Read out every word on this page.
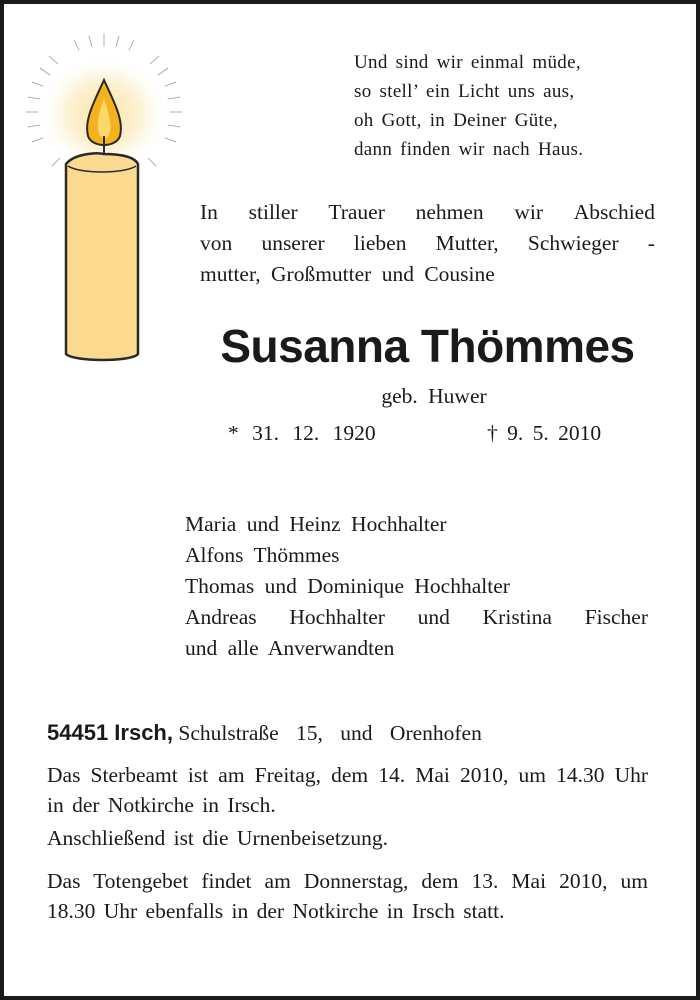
Und sind wir einmal müde,
so stell’ ein Licht uns aus,
oh Gott, in Deiner Güte,
dann finden wir nach Haus.
In stiller Trauer nehmen wir Abschied
von unserer lieben Mutter, Schwieger -
mutter, Großmutter und Cousine
Susanna Thömmes
geb. Huwer
* 31. 12. 1920	† 9. 5. 2010
Maria und Heinz Hochhalter
Alfons Thömmes
Thomas und Dominique Hochhalter
Andreas Hochhalter und Kristina Fischer
und alle Anverwandten
54451 Irsch, Schulstraße 15, und Orenhofen
Das Sterbeamt ist am Freitag, dem 14. Mai 2010, um 14.30 Uhr in der Notkirche in Irsch.
Anschließend ist die Urnenbeisetzung.
Das Totengebet findet am Donnerstag, dem 13. Mai 2010, um 18.30 Uhr ebenfalls in der Notkirche in Irsch statt.
